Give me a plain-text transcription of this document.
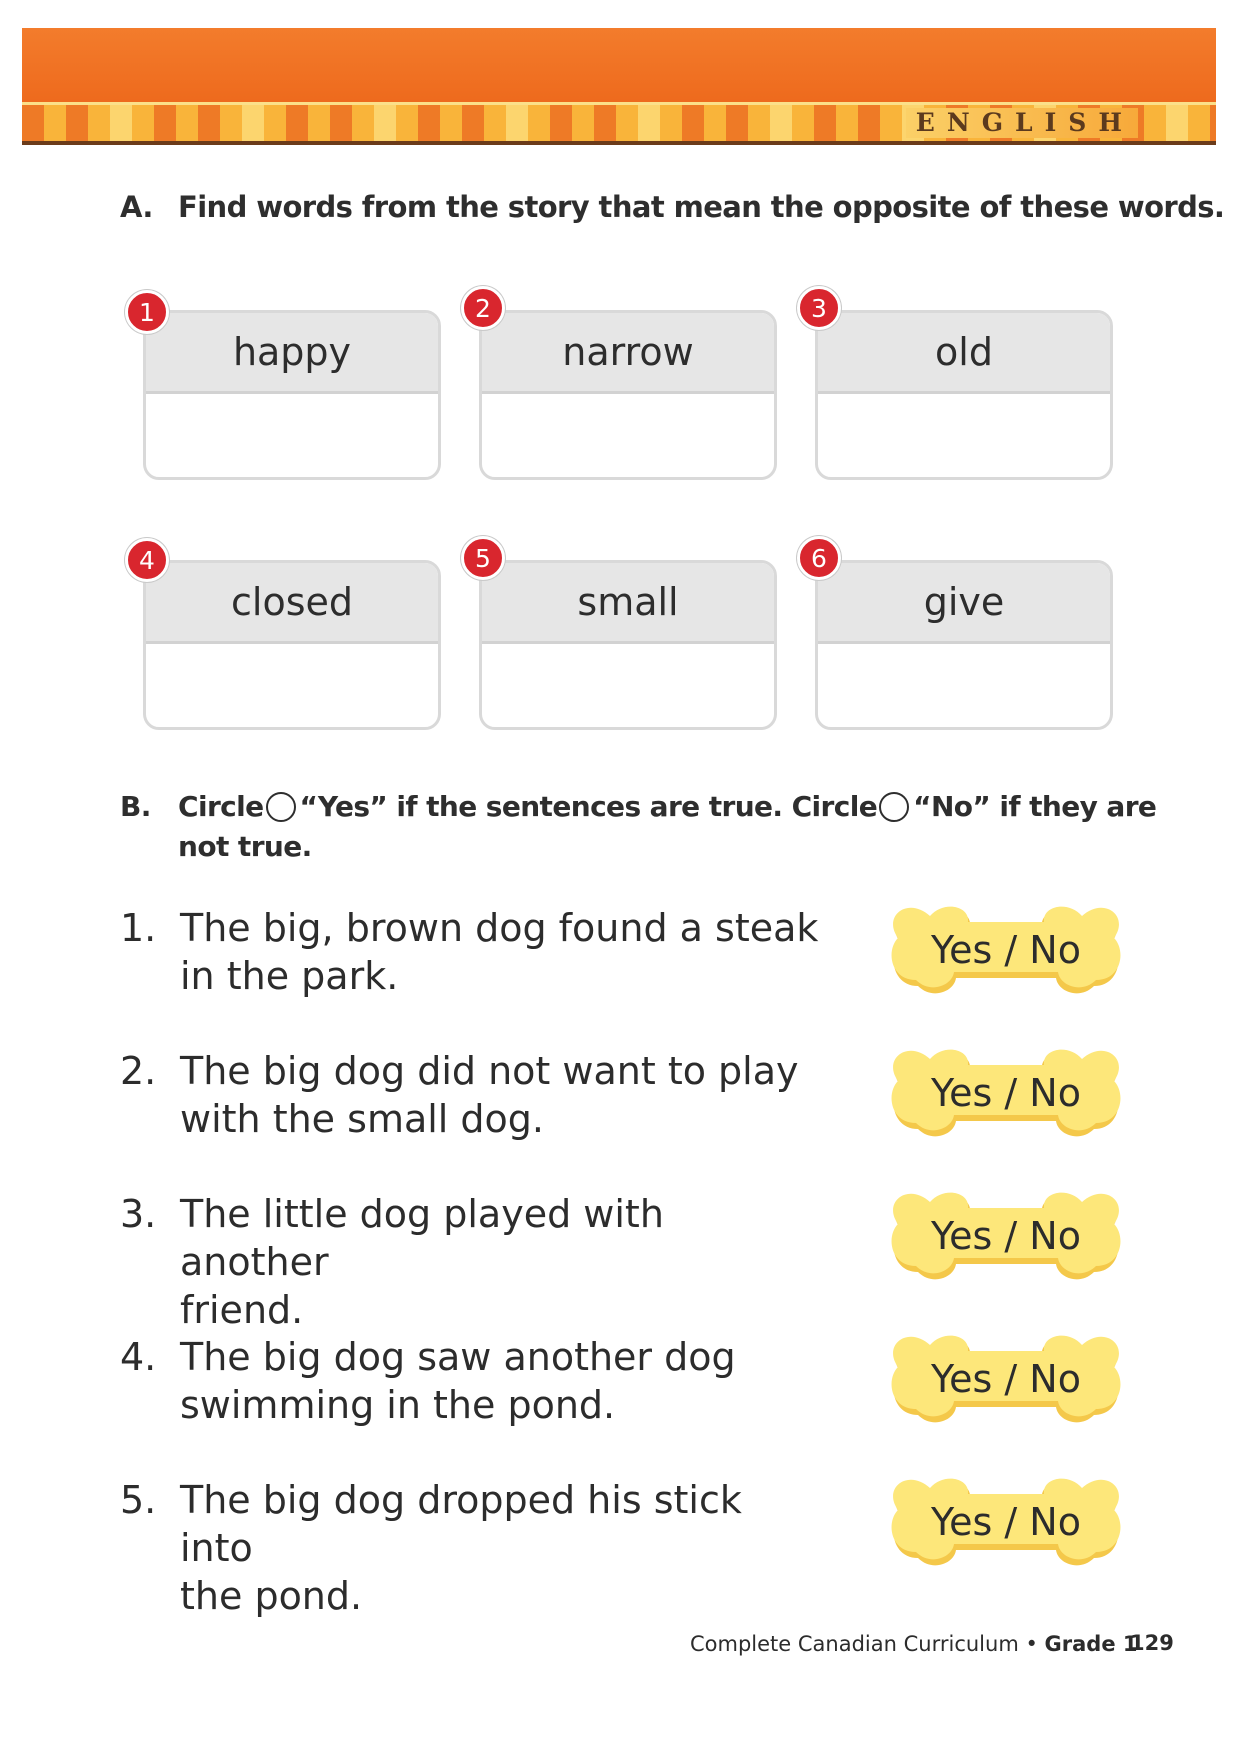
ENGLISH
A. Find words from the story that mean the opposite of these words.
happy
1
narrow
2
old
3
closed
4
small
5
give
6
B. Circle “Yes” if the sentences are true. Circle “No” if they are
not true.
1. The big, brown dog found a steak
in the park.
2. The big dog did not want to play
with the small dog.
3. The little dog played with another
friend.
4. The big dog saw another dog
swimming in the pond.
5. The big dog dropped his stick into
the pond.
Yes / No
Yes / No
Yes / No
Yes / No
Yes / No
Complete Canadian Curriculum • Grade 1
129
